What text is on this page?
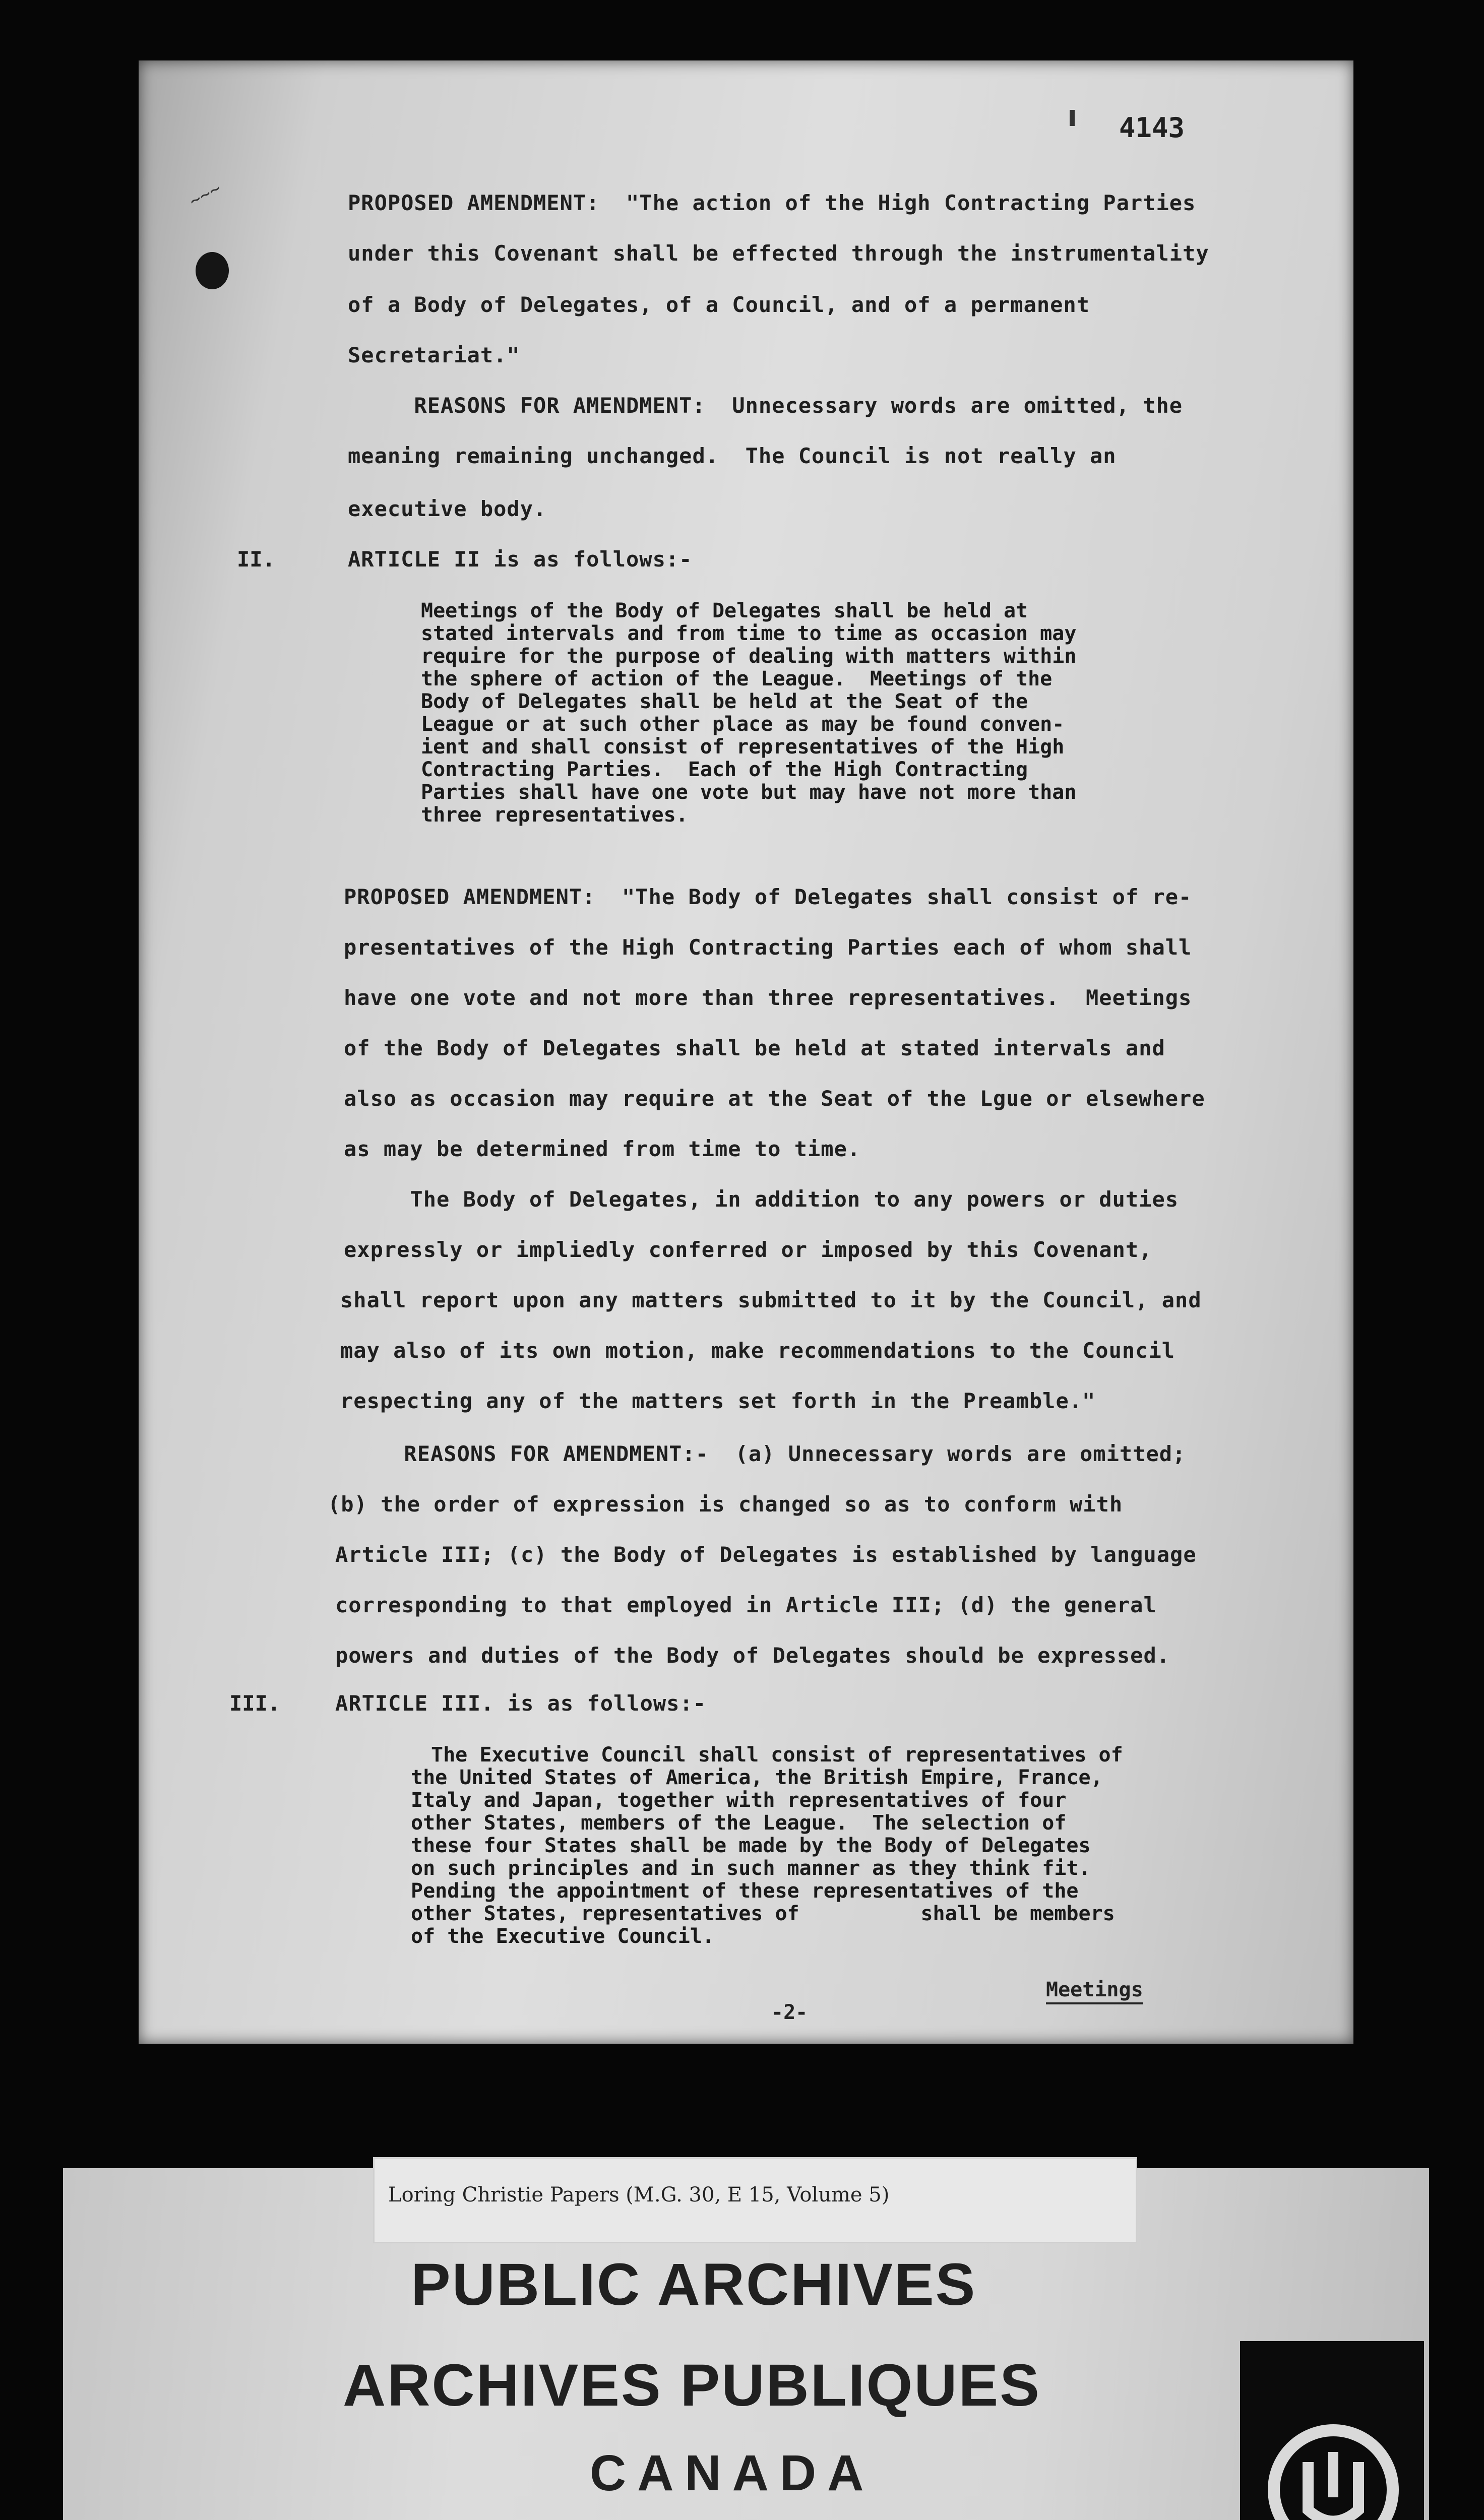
4143
~~~	PROPOSED AMENDMENT:  "The action of the High Contracting Parties
under this Covenant shall be effected through the instrumentality
of a Body of Delegates, of a Council, and of a permanent
Secretariat."
REASONS FOR AMENDMENT:  Unnecessary words are omitted, the
meaning remaining unchanged.  The Council is not really an
executive body.
II.	ARTICLE II is as follows:-
Meetings of the Body of Delegates shall be held at
stated intervals and from time to time as occasion may
require for the purpose of dealing with matters within
the sphere of action of the League.  Meetings of the
Body of Delegates shall be held at the Seat of the
League or at such other place as may be found conven-
ient and shall consist of representatives of the High
Contracting Parties.  Each of the High Contracting
Parties shall have one vote but may have not more than
three representatives.
PROPOSED AMENDMENT:  "The Body of Delegates shall consist of re-
presentatives of the High Contracting Parties each of whom shall
have one vote and not more than three representatives.  Meetings
of the Body of Delegates shall be held at stated intervals and
also as occasion may require at the Seat of the Lgue or elsewhere
as may be determined from time to time.
The Body of Delegates, in addition to any powers or duties
expressly or impliedly conferred or imposed by this Covenant,
shall report upon any matters submitted to it by the Council, and
may also of its own motion, make recommendations to the Council
respecting any of the matters set forth in the Preamble."
REASONS FOR AMENDMENT:-  (a) Unnecessary words are omitted;
(b) the order of expression is changed so as to conform with
Article III; (c) the Body of Delegates is established by language
corresponding to that employed in Article III; (d) the general
powers and duties of the Body of Delegates should be expressed.
III.	ARTICLE III. is as follows:-
The Executive Council shall consist of representatives of
the United States of America, the British Empire, France,
Italy and Japan, together with representatives of four
other States, members of the League.  The selection of
these four States shall be made by the Body of Delegates
on such principles and in such manner as they think fit.
Pending the appointment of these representatives of the
other States, representatives of          shall be members
of the Executive Council.
-2-
Meetings
Loring Christie Papers (M.G. 30, E 15, Volume 5)
PUBLIC ARCHIVES
ARCHIVES PUBLIQUES
CANADA
